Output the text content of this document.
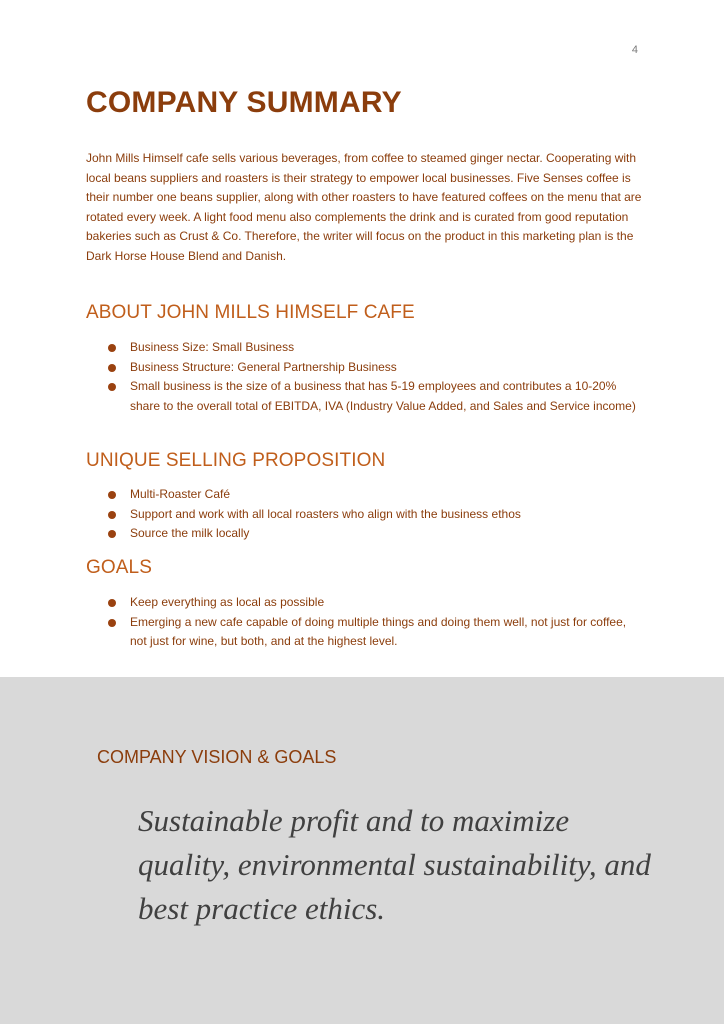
4
COMPANY SUMMARY

John Mills Himself cafe sells various beverages, from coffee to steamed ginger nectar. Cooperating with local beans suppliers and roasters is their strategy to empower local businesses. Five Senses coffee is their number one beans supplier, along with other roasters to have featured coffees on the menu that are rotated every week. A light food menu also complements the drink and is curated from good reputation bakeries such as Crust & Co. Therefore, the writer will focus on the product in this marketing plan is the Dark Horse House Blend and Danish.

ABOUT JOHN MILLS HIMSELF CAFE
Business Size: Small Business
Business Structure: General Partnership Business
Small business is the size of a business that has 5-19 employees and contributes a 10-20% share to the overall total of EBITDA, IVA (Industry Value Added, and Sales and Service income)
UNIQUE SELLING PROPOSITION
Multi-Roaster Café
Support and work with all local roasters who align with the business ethos
Source the milk locally
GOALS
Keep everything as local as possible
Emerging a new cafe capable of doing multiple things and doing them well, not just for coffee, not just for wine, but both, and at the highest level.
COMPANY VISION & GOALS

Sustainable profit and to maximize quality, environmental sustainability, and best practice ethics.
